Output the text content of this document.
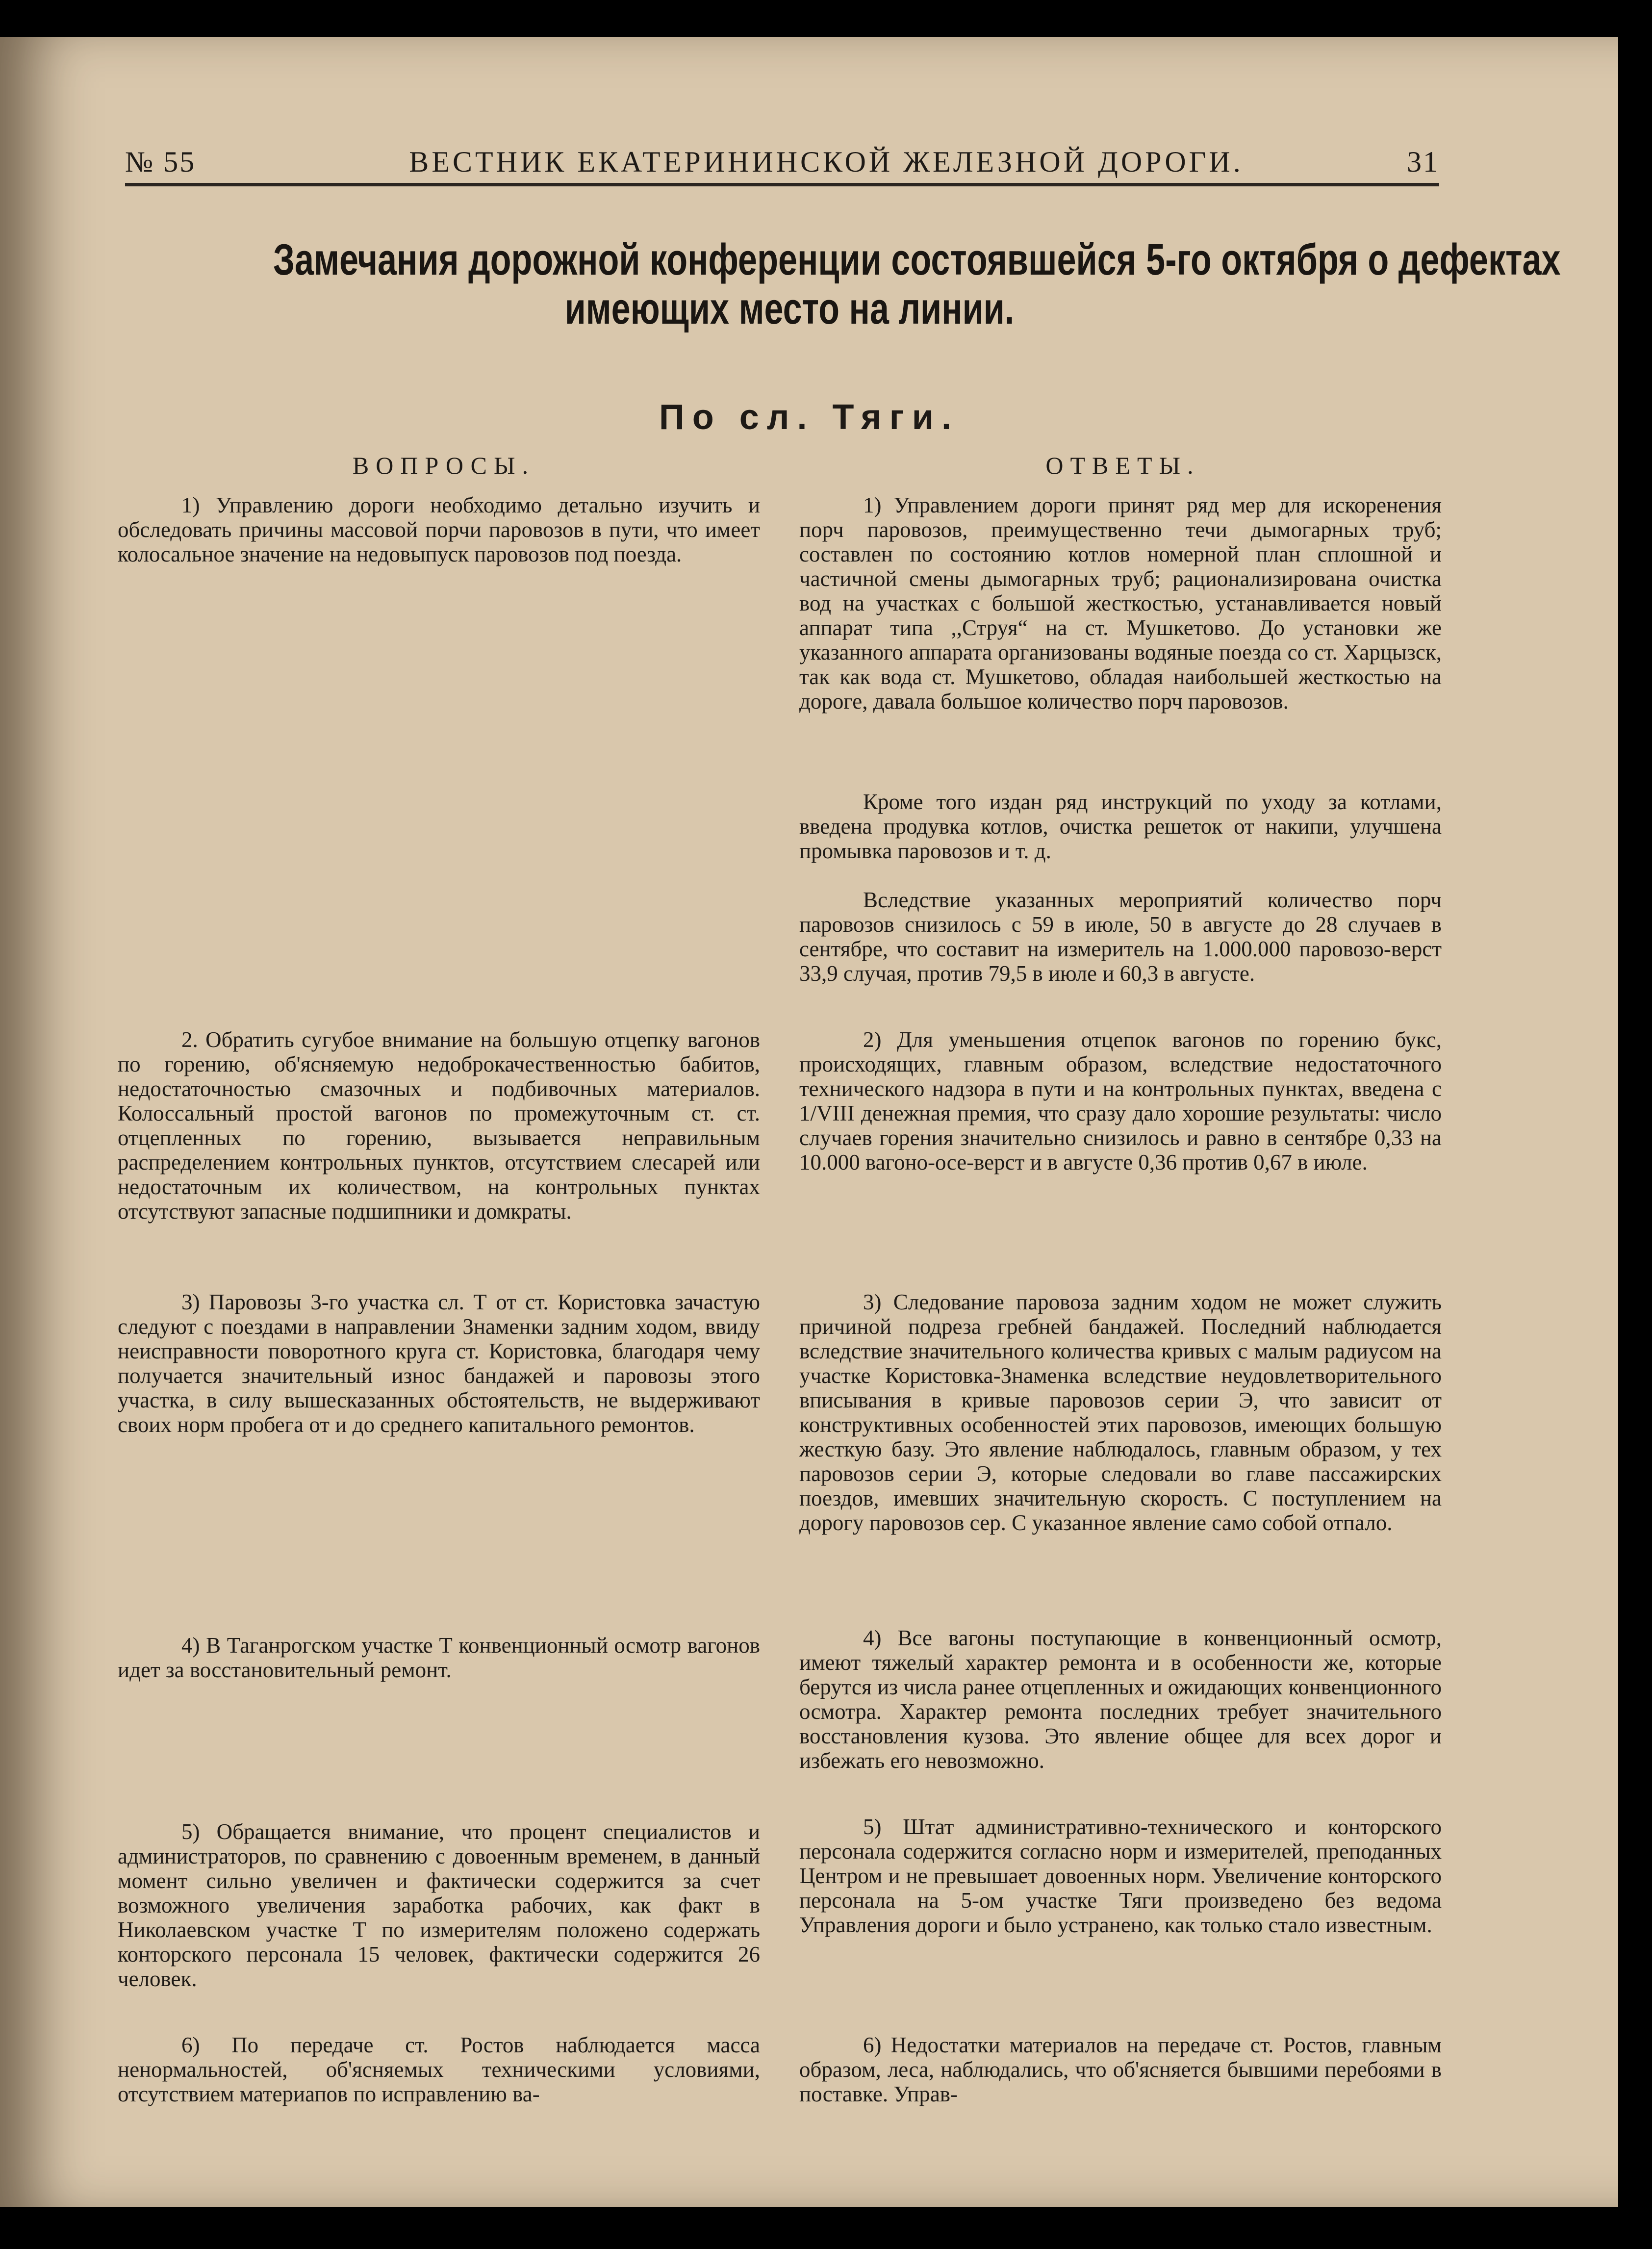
№ 55	ВЕСТНИК ЕКАТЕРИНИНСКОЙ ЖЕЛЕЗНОЙ ДОРОГИ.	31
Замечания дорожной конференции состоявшейся 5-го октября о дефектах
имеющих место на линии.
По сл. Тяги.
ВОПРОСЫ.	ОТВЕТЫ.

1) Управлению дороги необходимо детально изучить и обследовать причины массовой порчи паровозов в пути, что имеет колосальное значение на недовыпуск паровозов под поезда.

2. Обратить сугубое внимание на большую отцепку вагонов по горению, об'ясняемую недоброкачественностью бабитов, недостаточностью смазочных и подбивочных материалов. Колоссальный простой вагонов по промежуточным ст. ст. отцепленных по горению, вызывается неправильным распределением контрольных пунктов, отсутствием слесарей или недостаточным их количеством, на контрольных пунктах отсутствуют запасные подшипники и домкраты.

3) Паровозы 3-го участка сл. Т от ст. Користовка зачастую следуют с поездами в направлении Знаменки задним ходом, ввиду неисправности поворотного круга ст. Користовка, благодаря чему получается значительный износ бандажей и паровозы этого участка, в силу вышесказанных обстоятельств, не выдерживают своих норм пробега от и до среднего капитального ремонтов.

4) В Таганрогском участке Т конвенционный осмотр вагонов идет за восстановительный ремонт.

5) Обращается внимание, что процент специалистов и администраторов, по сравнению с довоенным временем, в данный момент сильно увеличен и фактически содержится за счет возможного увеличения заработка рабочих, как факт в Николаевском участке Т по измерителям положено содержать конторского персонала 15 человек, фактически содержится 26 человек.

6) По передаче ст. Ростов наблюдается масса ненормальностей, об'ясняемых техническими условиями, отсутствием материапов по исправлению ва-

1) Управлением дороги принят ряд мер для искоренения порч паровозов, преимущественно течи дымогарных труб; составлен по состоянию котлов номерной план сплошной и частичной смены дымогарных труб; рационализирована очистка вод на участках с большой жесткостью, устанавливается новый аппарат типа ,,Струя“ на ст. Мушкетово. До установки же указанного аппарата организованы водяные поезда со ст. Харцызск, так как вода ст. Мушкетово, обладая наибольшей жесткостью на дороге, давала большое количество порч паровозов.

Кроме того издан ряд инструкций по уходу за котлами, введена продувка котлов, очистка решеток от накипи, улучшена промывка паровозов и т. д.

Вследствие указанных мероприятий количество порч паровозов снизилось с 59 в июле, 50 в августе до 28 случаев в сентябре, что составит на измеритель на 1.000.000 паровозо-верст 33,9 случая, против 79,5 в июле и 60,3 в августе.

2) Для уменьшения отцепок вагонов по горению букс, происходящих, главным образом, вследствие недостаточного технического надзора в пути и на контрольных пунктах, введена с 1/VIII денежная премия, что сразу дало хорошие результаты: число случаев горения значительно снизилось и равно в сентябре 0,33 на 10.000 вагоно-осе-верст и в августе 0,36 против 0,67 в июле.

3) Следование паровоза задним ходом не может служить причиной подреза гребней бандажей. Последний наблюдается вследствие значительного количества кривых с малым радиусом на участке Користовка-Знаменка вследствие неудовлетворительного вписывания в кривые паровозов серии Э, что зависит от конструктивных особенностей этих паровозов, имеющих большую жесткую базу. Это явление наблюдалось, главным образом, у тех паровозов серии Э, которые следовали во главе пассажирских поездов, имевших значительную скорость. С поступлением на дорогу паровозов сер. С указанное явление само собой отпало.

4) Все вагоны поступающие в конвенционный осмотр, имеют тяжелый характер ремонта и в особенности же, которые берутся из числа ранее отцепленных и ожидающих конвенционного осмотра. Характер ремонта последних требует значительного восстановления кузова. Это явление общее для всех дорог и избежать его невозможно.

5) Штат административно-технического и конторского персонала содержится согласно норм и измерителей, преподанных Центром и не превышает довоенных норм. Увеличение конторского персонала на 5-ом участке Тяги произведено без ведома Управления дороги и было устранено, как только стало известным.

6) Недостатки материалов на передаче ст. Ростов, главным образом, леса, наблюдались, что об'ясняется бывшими перебоями в поставке. Управ-
